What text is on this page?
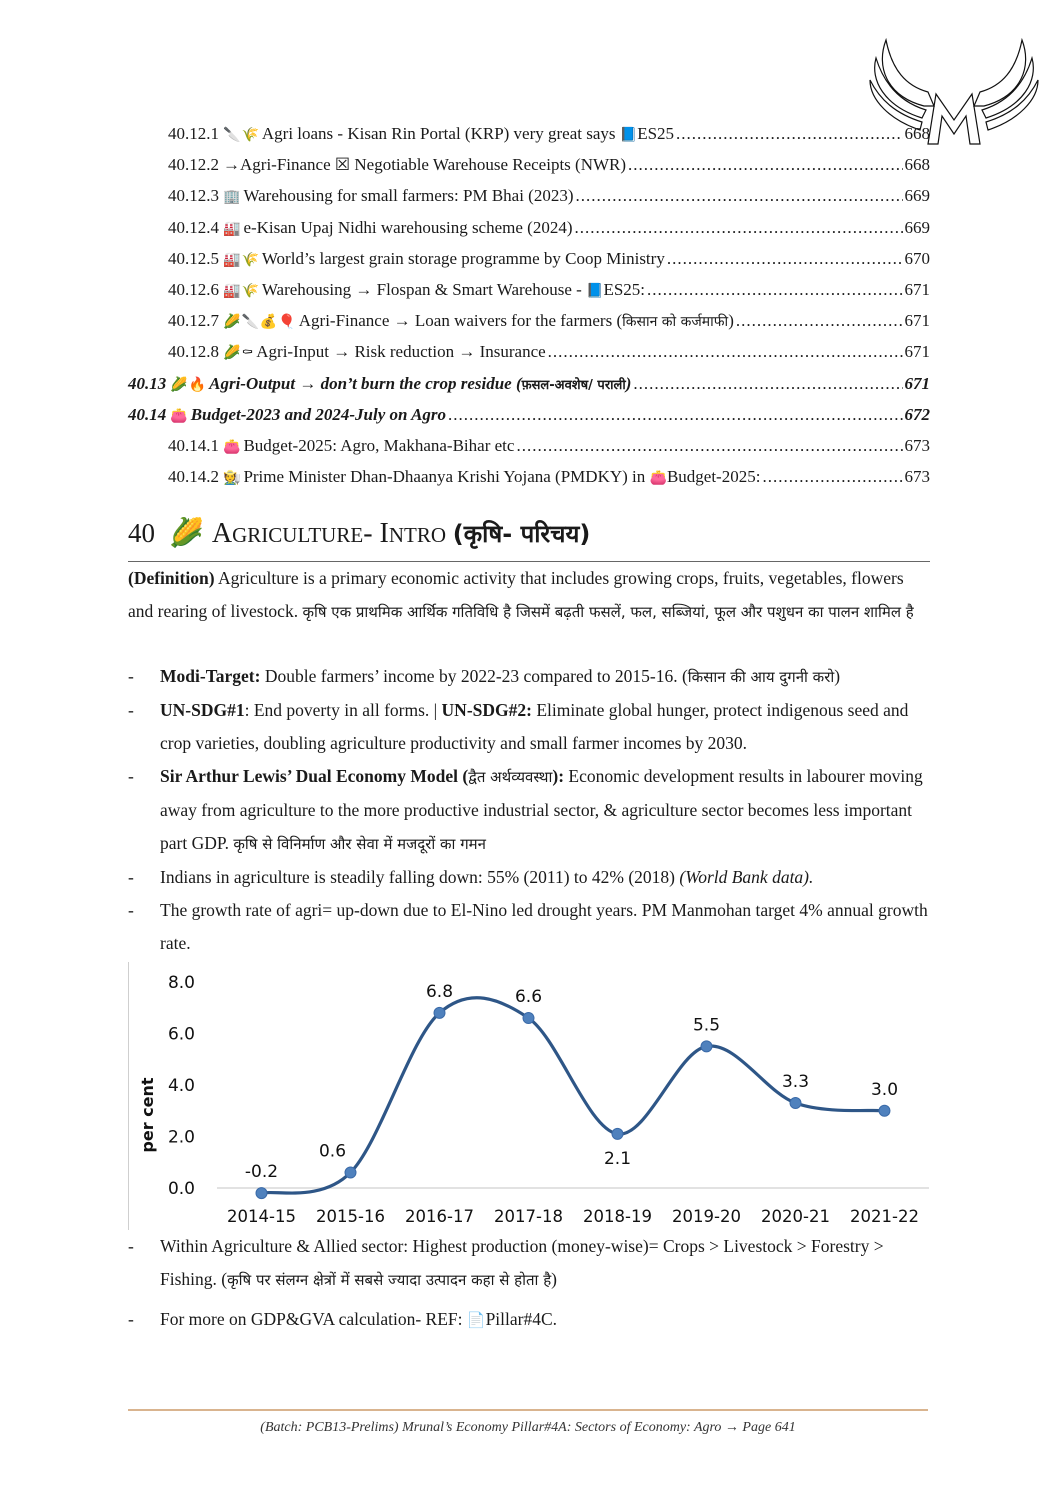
40.12.1 🔪 🌾 Agri loans - Kisan Rin Portal (KRP) very great says 📘ES25 .....	668
40.12.2 →Agri-Finance ☒ Negotiable Warehouse Receipts (NWR) .....	668
40.12.3 🏢 Warehousing for small farmers: PM Bhai (2023) .....	669
40.12.4 🏭 e-Kisan Upaj Nidhi warehousing scheme (2024) .....	669
40.12.5 🏭 🌾 World’s largest grain storage programme by Coop Ministry .....	670
40.12.6 🏭 🌾 Warehousing → Flospan & Smart Warehouse - 📘ES25: .....	671
40.12.7 🌽 🔪 💰 🎈 Agri-Finance → Loan waivers for the farmers (किसान को कर्जमाफी) .....	671
40.12.8 🌽 ⚰ Agri-Input → Risk reduction → Insurance .....	671
40.13 🌽 🔥 Agri-Output → don’t burn the crop residue (फ़सल-अवशेष/ पराली) .....	671
40.14 👛 Budget-2023 and 2024-July on Agro .....	672
40.14.1 👛 Budget-2025: Agro, Makhana-Bihar etc .....	673
40.14.2 🧑‍🌾 Prime Minister Dhan-Dhaanya Krishi Yojana (PMDKY) in 👛Budget-2025: .....	673
40 🌽 AGRICULTURE- INTRO (कृषि- परिचय)
(Definition) Agriculture is a primary economic activity that includes growing crops, fruits, vegetables, flowers and rearing of livestock. कृषि एक प्राथमिक आर्थिक गतिविधि है जिसमें बढ़ती फसलें, फल, सब्जियां, फूल और पशुधन का पालन शामिल है
-	Modi-Target: Double farmers’ income by 2022-23 compared to 2015-16. (किसान की आय दुगनी करो)
-	UN-SDG#1: End poverty in all forms. | UN-SDG#2: Eliminate global hunger, protect indigenous seed and crop varieties, doubling agriculture productivity and small farmer incomes by 2030.
-	Sir Arthur Lewis’ Dual Economy Model (द्वैत अर्थव्यवस्था): Economic development results in labourer moving away from agriculture to the more productive industrial sector, & agriculture sector becomes less important part GDP. कृषि से विनिर्माण और सेवा में मजदूरों का गमन
-	Indians in agriculture is steadily falling down: 55% (2011) to 42% (2018) (World Bank data).
-	The growth rate of agri= up-down due to El-Nino led drought years. PM Manmohan target 4% annual growth rate.
0.0
2.0
4.0
6.0
8.0
per cent
2014-15 2015-16 2016-17 2017-18 2018-19 2019-20 2020-21 2021-22
-0.2
0.6
6.8	6.6
2.1
5.5
3.3	3.0
-	Within Agriculture & Allied sector: Highest production (money-wise)= Crops > Livestock > Forestry > Fishing. (कृषि पर संलग्न क्षेत्रों में सबसे ज्यादा उत्पादन कहा से होता है)
-	For more on GDP&GVA calculation- REF: 📄Pillar#4C.
(Batch: PCB13-Prelims) Mrunal’s Economy Pillar#4A: Sectors of Economy: Agro → Page 641
